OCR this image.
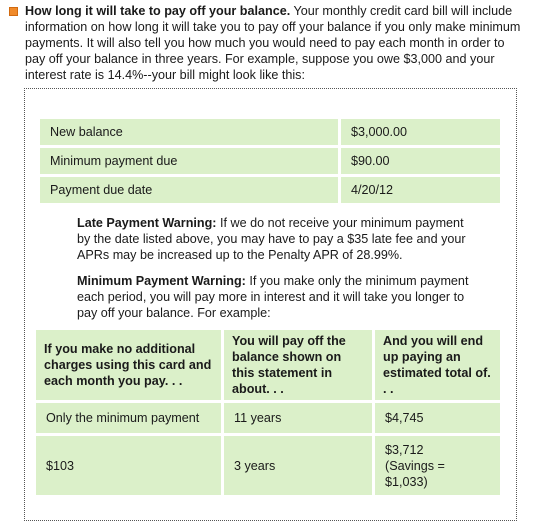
How long it will take to pay off your balance. Your monthly credit card bill will include information on how long it will take you to pay off your balance if you only make minimum payments. It will also tell you how much you would need to pay each month in order to pay off your balance in three years. For example, suppose you owe $3,000 and your interest rate is 14.4%--your bill might look like this:

New balance	$3,000.00
Minimum payment due	$90.00
Payment due date	4/20/12

Late Payment Warning: If we do not receive your minimum payment by the date listed above, you may have to pay a $35 late fee and your APRs may be increased up to the Penalty APR of 28.99%.

Minimum Payment Warning: If you make only the minimum payment each period, you will pay more in interest and it will take you longer to pay off your balance. For example:

If you make no additional charges using this card and each month you pay. . .	You will pay off the balance shown on this statement in about. . .	And you will end up paying an estimated total of. . .
Only the minimum payment	11 years	$4,745
$103	3 years	$3,712
(Savings = $1,033)
